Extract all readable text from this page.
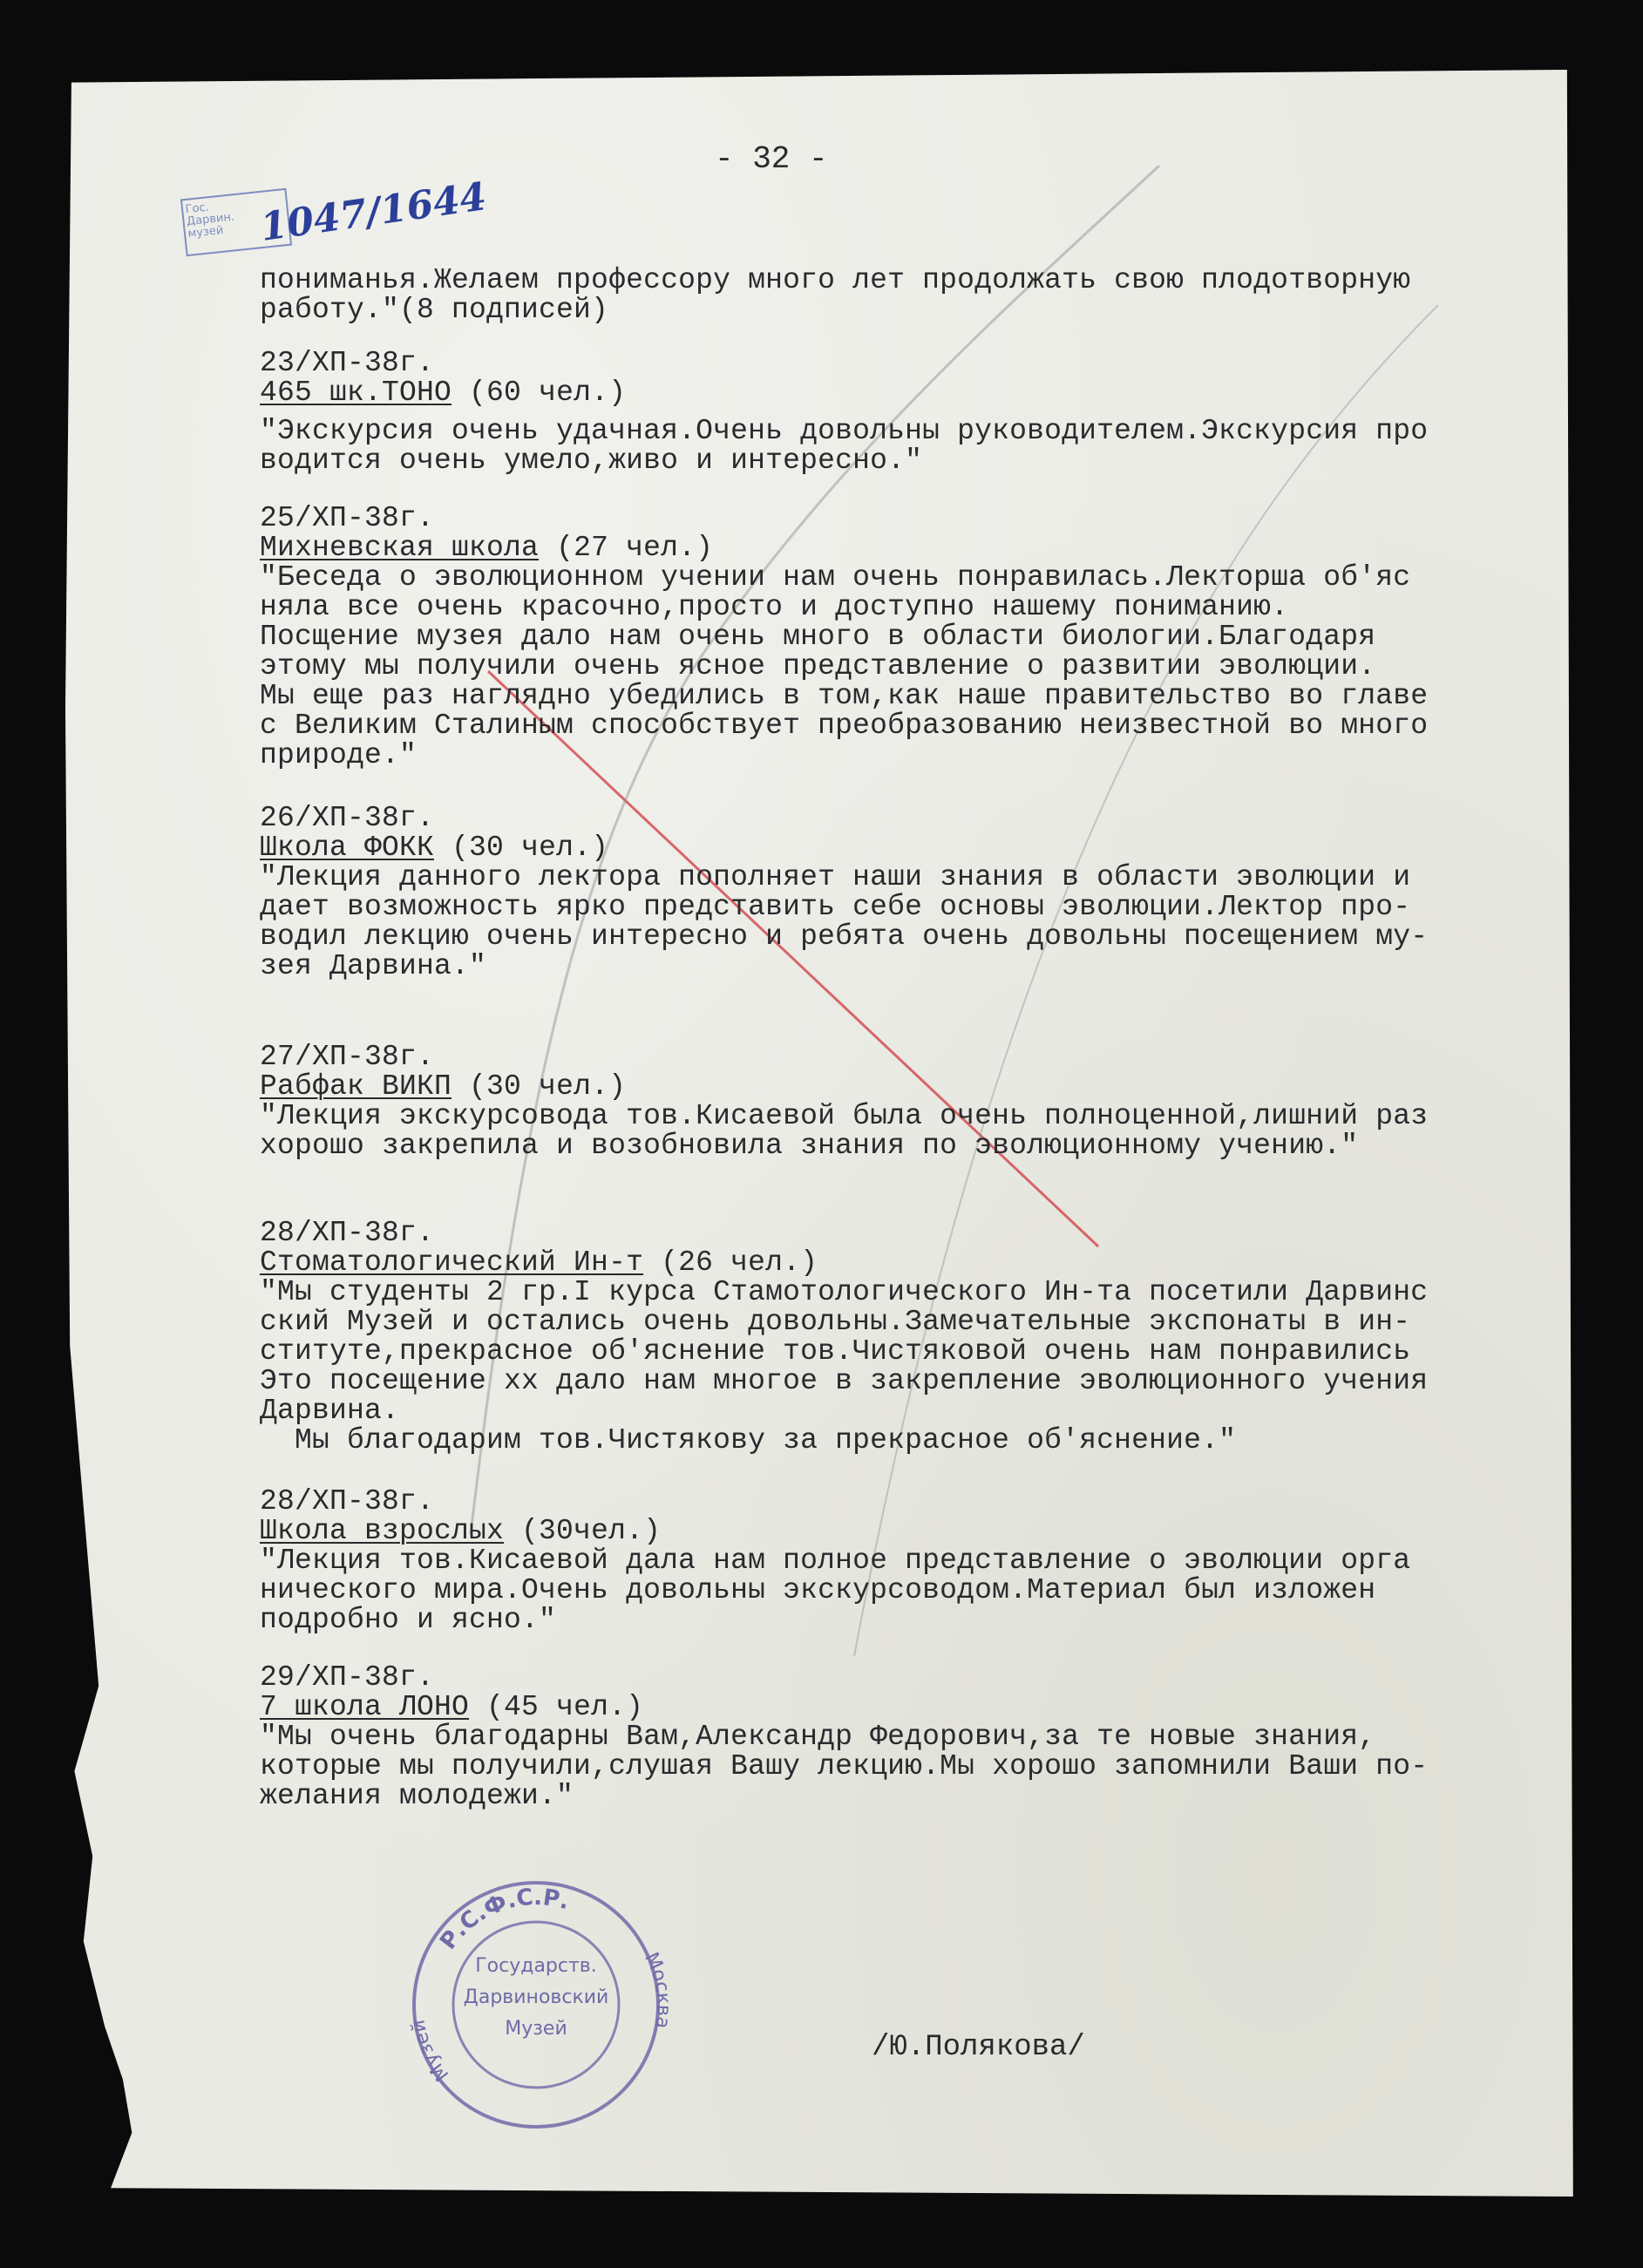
Гос. Дарвин. музей 1047/1644
- 32 -
пониманья.Желаем профессору много лет продолжать свою плодотворную
работу."(8 подписей)
23/ХП-38г.
465 шк.ТОНО (60 чел.)
"Экскурсия очень удачная.Очень довольны руководителем.Экскурсия про
водится очень умело,живо и интересно."
25/ХП-38г.
Михневская школа (27 чел.)
"Беседа о эволюционном учении нам очень понравилась.Лекторша об'яс
няла все очень красочно,просто и доступно нашему пониманию.
Посщение музея дало нам очень много в области биологии.Благодаря
этому мы получили очень ясное представление о развитии эволюции.
Мы еще раз наглядно убедились в том,как наше правительство во главе
с Великим Сталиным способствует преобразованию неизвестной во много
природе."
26/ХП-38г.
Школа ФОКК (30 чел.)
"Лекция данного лектора пополняет наши знания в области эволюции и
дает возможность ярко представить себе основы эволюции.Лектор про-
водил лекцию очень интересно и ребята очень довольны посещением му-
зея Дарвина."
27/ХП-38г.
Рабфак ВИКП (30 чел.)
"Лекция экскурсовода тов.Кисаевой была очень полноценной,лишний раз
хорошо закрепила и возобновила знания по эволюционному учению."
28/ХП-38г.
Стоматологический Ин-т (26 чел.)
"Мы студенты 2 гр.I курса Стамотологического Ин-та посетили Дарвинс
ский Музей и остались очень довольны.Замечательные экспонаты в ин-
ституте,прекрасное об'яснение тов.Чистяковой очень нам понравились
Это посещение хх дало нам многое в закрепление эволюционного учения
Дарвина.
Мы благодарим тов.Чистякову за прекрасное об'яснение."
28/ХП-38г.
Школа взрослых (30чел.)
"Лекция тов.Кисаевой дала нам полное представление о эволюции орга
нического мира.Очень довольны экскурсоводом.Материал был изложен
подробно и ясно."
29/ХП-38г.
7 школа ЛОНО (45 чел.)
"Мы очень благодарны Вам,Александр Федорович,за те новые знания,
которые мы получили,слушая Вашу лекцию.Мы хорошо запомнили Ваши по-
желания молодежи."
Р.С.Ф.С.Р.
Музей
Москва
Государств.
Дарвиновский
Музей
/Ю.Полякова/
